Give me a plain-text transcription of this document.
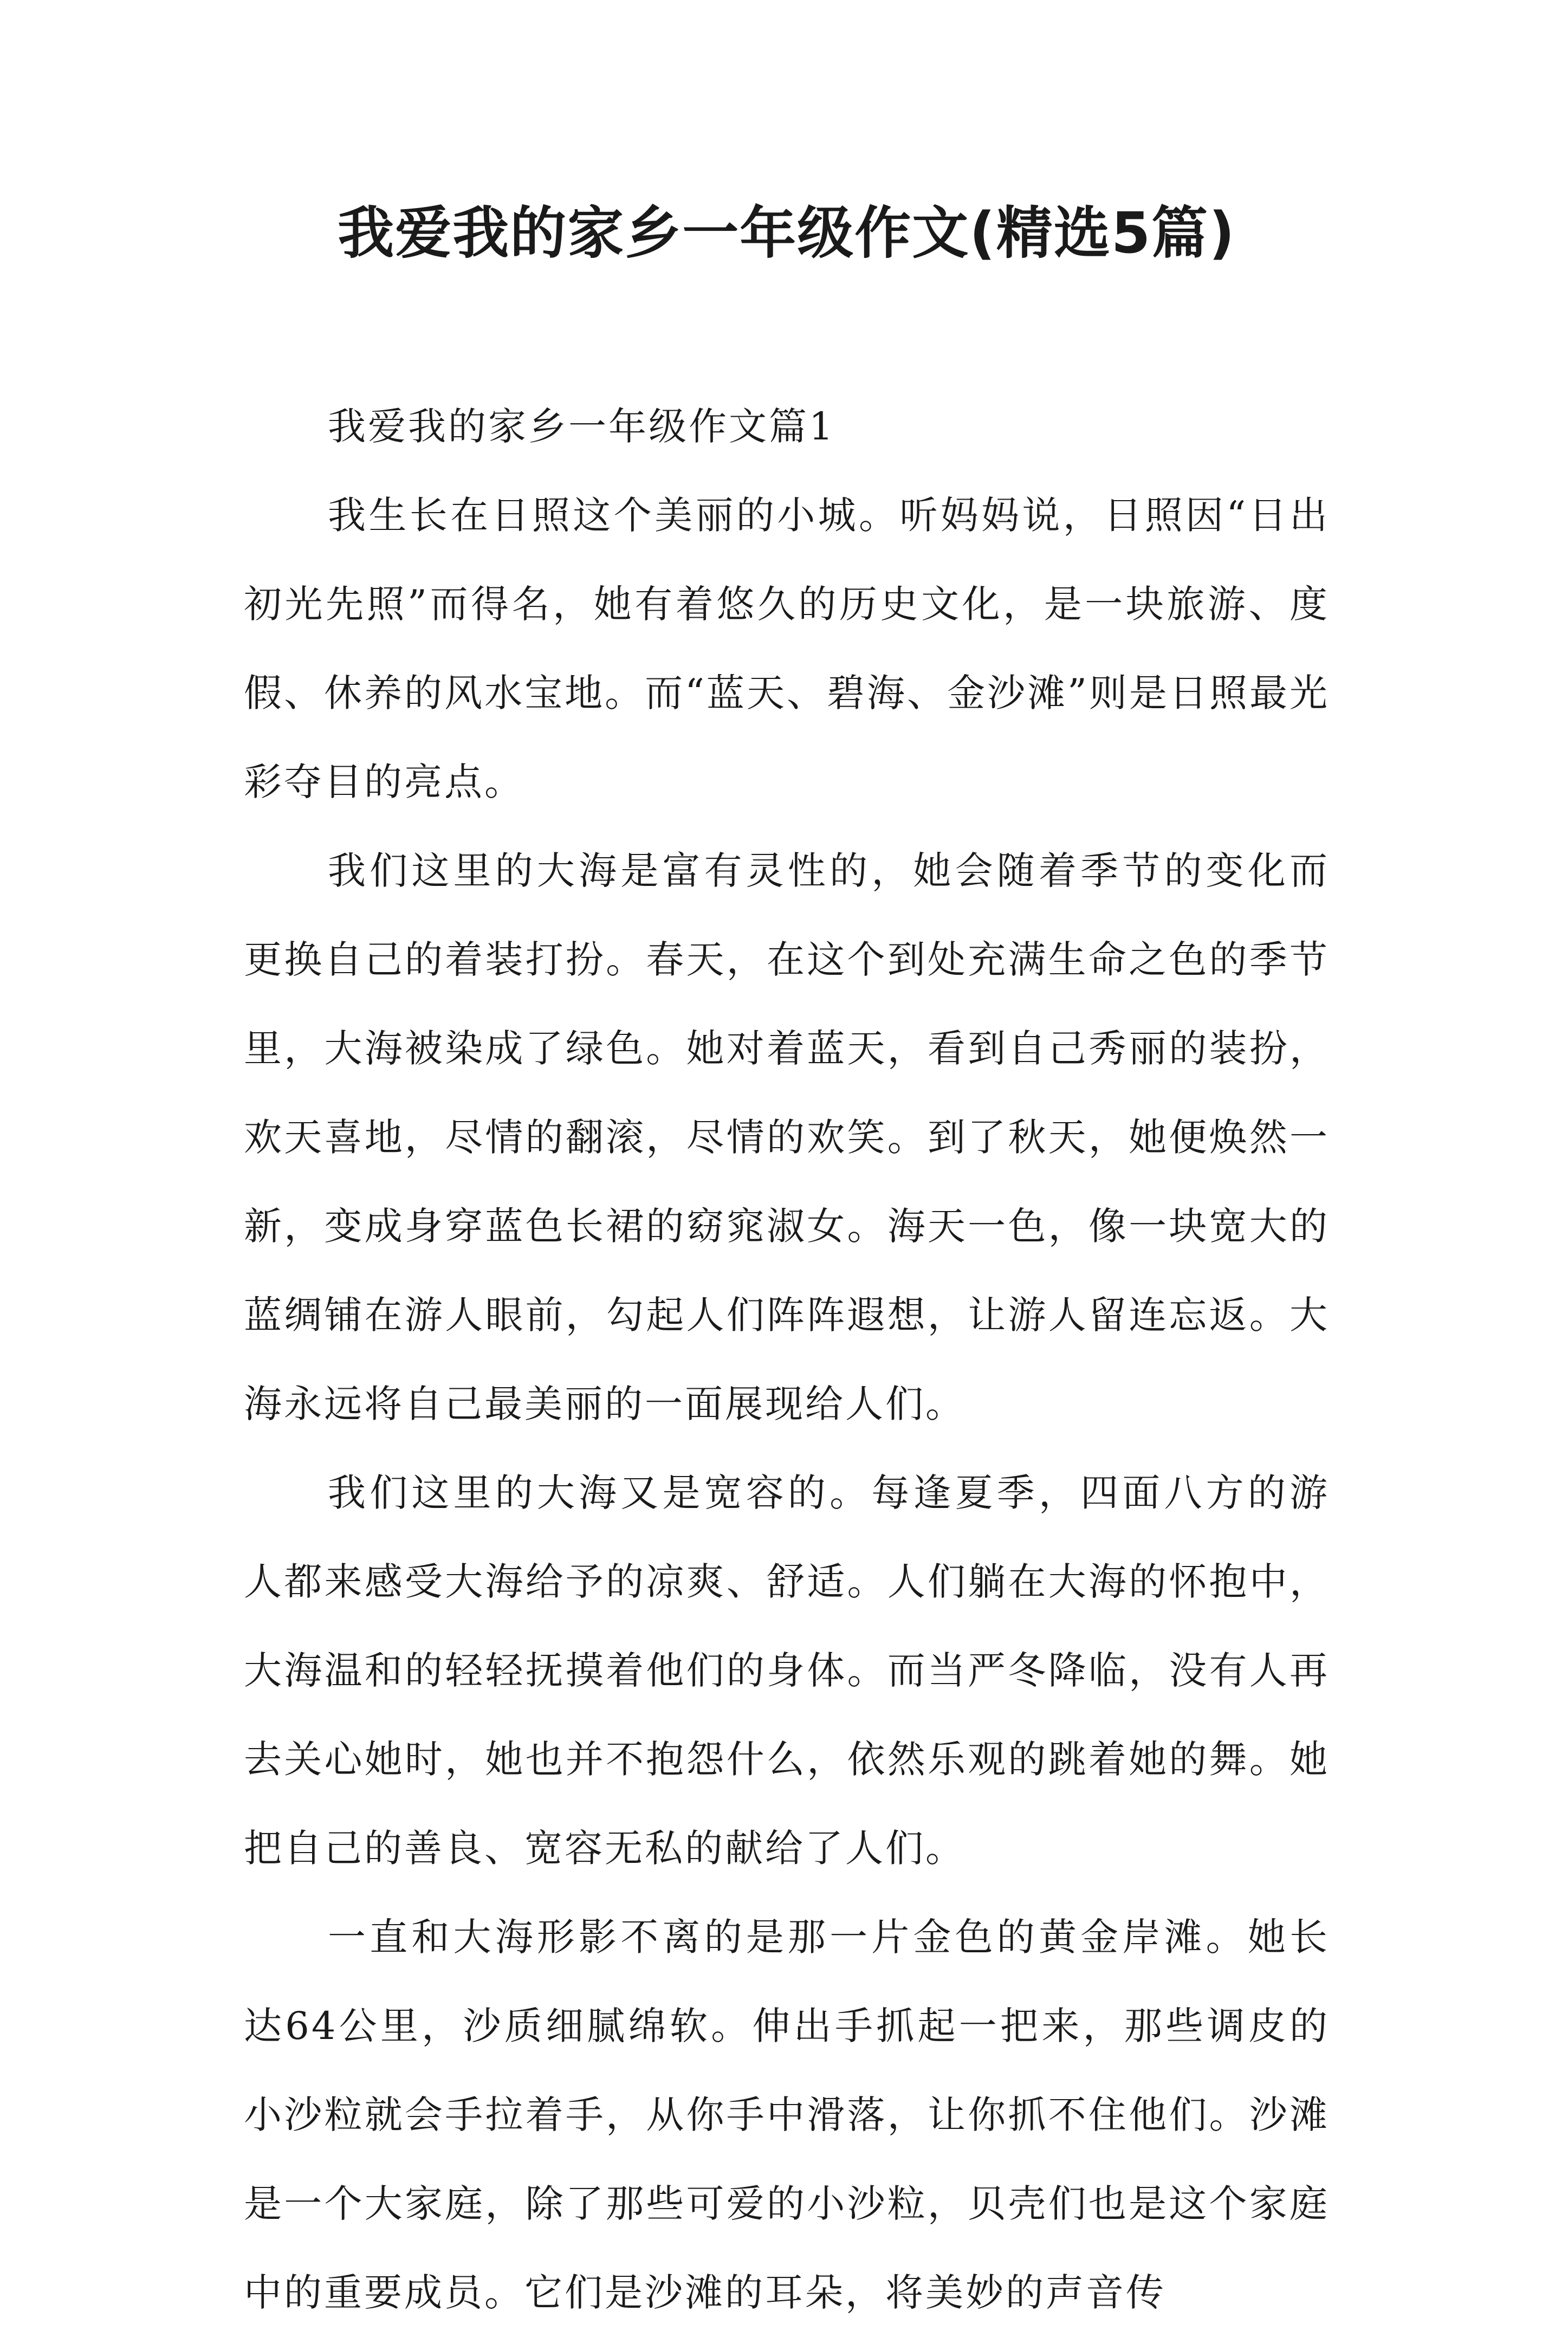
我爱我的家乡一年级作文(精选5篇)

我爱我的家乡一年级作文篇1

我生长在日照这个美丽的小城。听妈妈说，日照因“日出初光先照”而得名，她有着悠久的历史文化，是一块旅游、度假、休养的风水宝地。而“蓝天、碧海、金沙滩”则是日照最光彩夺目的亮点。

我们这里的大海是富有灵性的，她会随着季节的变化而更换自己的着装打扮。春天，在这个到处充满生命之色的季节里，大海被染成了绿色。她对着蓝天，看到自己秀丽的装扮，欢天喜地，尽情的翻滚，尽情的欢笑。到了秋天，她便焕然一新，变成身穿蓝色长裙的窈窕淑女。海天一色，像一块宽大的蓝绸铺在游人眼前，勾起人们阵阵遐想，让游人留连忘返。大海永远将自己最美丽的一面展现给人们。

我们这里的大海又是宽容的。每逢夏季，四面八方的游人都来感受大海给予的凉爽、舒适。人们躺在大海的怀抱中，大海温和的轻轻抚摸着他们的身体。而当严冬降临，没有人再去关心她时，她也并不抱怨什么，依然乐观的跳着她的舞。她把自己的善良、宽容无私的献给了人们。

一直和大海形影不离的是那一片金色的黄金岸滩。她长达64公里，沙质细腻绵软。伸出手抓起一把来，那些调皮的小沙粒就会手拉着手，从你手中滑落，让你抓不住他们。沙滩是一个大家庭，除了那些可爱的小沙粒，贝壳们也是这个家庭中的重要成员。它们是沙滩的耳朵，将美妙的声音传
